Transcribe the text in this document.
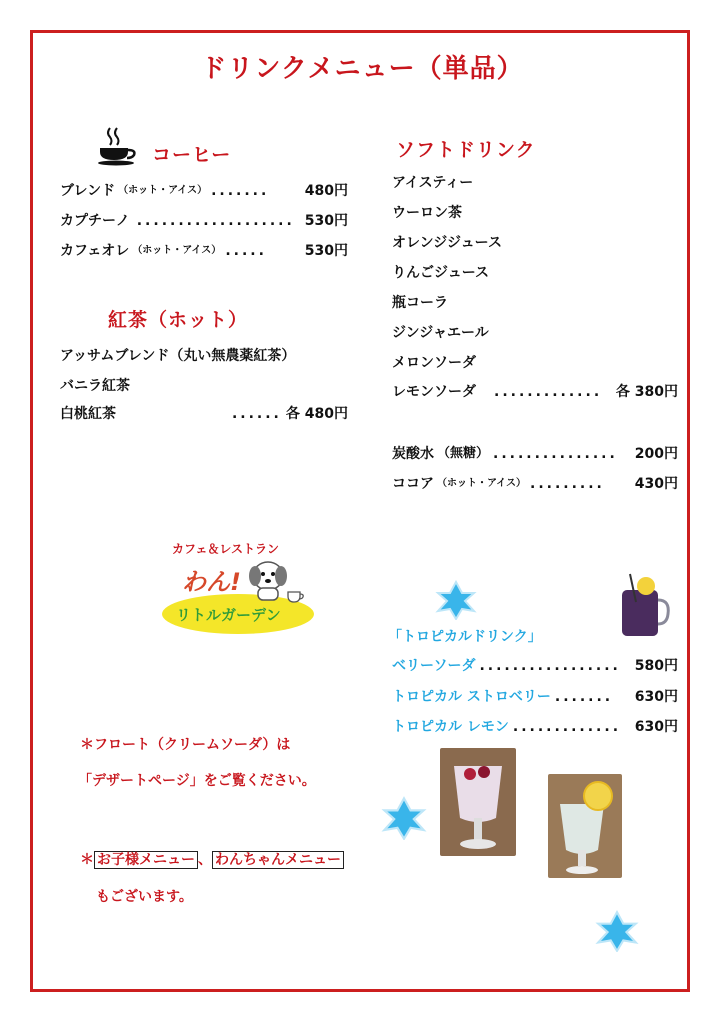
ドリンクメニュー（単品）
コーヒー
ブレンド （ホット・アイス） .......	480円
カプチーノ ................... 530円
カフェオレ （ホット・アイス） .....	530円
紅茶（ホット）
アッサムブレンド（丸い無農薬紅茶）
バニラ紅茶
白桃紅茶	...... 各 480円
ソフトドリンク
アイスティー
ウーロン茶
オレンジジュース
りんごジュース
瓶コーラ
ジンジャエール
メロンソーダ
レモンソーダ	............. 各 380円
炭酸水 （無糖） ...............	200円
ココア （ホット・アイス） .........	430円
カフェ＆レストラン
わん!
リトルガーデン
「トロピカルドリンク」
ベリーソーダ ................. 580円
トロピカル ストロベリー .......	630円
トロピカル レモン ............. 630円
＊フロート（クリームソーダ）は
「デザートページ」をご覧ください。
＊ お子様メニュー 、 わんちゃんメニュー
もございます。
